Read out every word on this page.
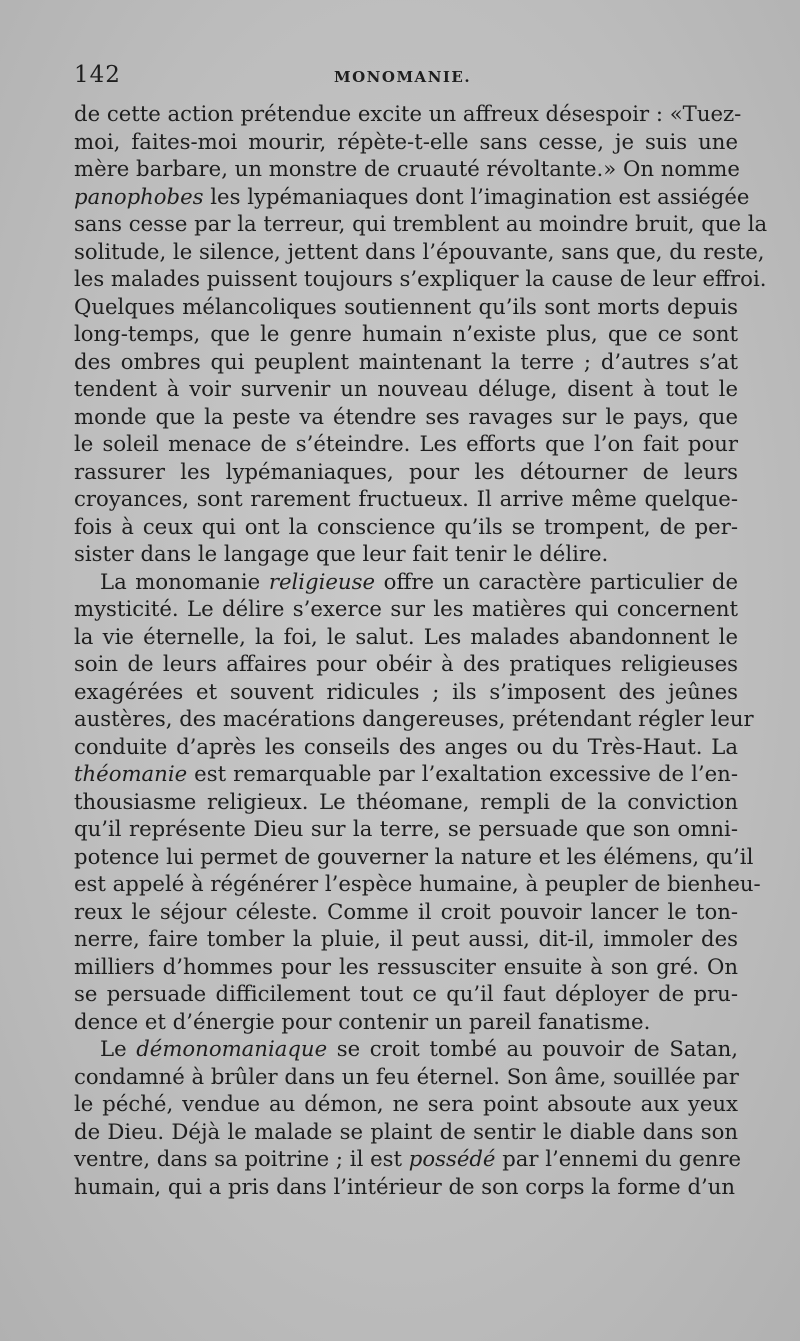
142	MONOMANIE.
de cette action prétendue excite un affreux désespoir : «Tuez-
moi, faites-moi mourir, répète-t-elle sans cesse, je suis une
mère barbare, un monstre de cruauté révoltante.» On nomme
panophobes les lypémaniaques dont l’imagination est assiégée
sans cesse par la terreur, qui tremblent au moindre bruit, que la
solitude, le silence, jettent dans l’épouvante, sans que, du reste,
les malades puissent toujours s’expliquer la cause de leur effroi.
Quelques mélancoliques soutiennent qu’ils sont morts depuis
long-temps, que le genre humain n’existe plus, que ce sont
des ombres qui peuplent maintenant la terre ; d’autres s’at
tendent à voir survenir un nouveau déluge, disent à tout le
monde que la peste va étendre ses ravages sur le pays, que
le soleil menace de s’éteindre. Les efforts que l’on fait pour
rassurer les lypémaniaques, pour les détourner de leurs
croyances, sont rarement fructueux. Il arrive même quelque-
fois à ceux qui ont la conscience qu’ils se trompent, de per-
sister dans le langage que leur fait tenir le délire.
La monomanie religieuse offre un caractère particulier de
mysticité. Le délire s’exerce sur les matières qui concernent
la vie éternelle, la foi, le salut. Les malades abandonnent le
soin de leurs affaires pour obéir à des pratiques religieuses
exagérées et souvent ridicules ; ils s’imposent des jeûnes
austères, des macérations dangereuses, prétendant régler leur
conduite d’après les conseils des anges ou du Très-Haut. La
théomanie est remarquable par l’exaltation excessive de l’en-
thousiasme religieux. Le théomane, rempli de la conviction
qu’il représente Dieu sur la terre, se persuade que son omni-
potence lui permet de gouverner la nature et les élémens, qu’il
est appelé à régénérer l’espèce humaine, à peupler de bienheu-
reux le séjour céleste. Comme il croit pouvoir lancer le ton-
nerre, faire tomber la pluie, il peut aussi, dit-il, immoler des
milliers d’hommes pour les ressusciter ensuite à son gré. On
se persuade difficilement tout ce qu’il faut déployer de pru-
dence et d’énergie pour contenir un pareil fanatisme.
Le démonomaniaque se croit tombé au pouvoir de Satan,
condamné à brûler dans un feu éternel. Son âme, souillée par
le péché, vendue au démon, ne sera point absoute aux yeux
de Dieu. Déjà le malade se plaint de sentir le diable dans son
ventre, dans sa poitrine ; il est possédé par l’ennemi du genre
humain, qui a pris dans l’intérieur de son corps la forme d’un
